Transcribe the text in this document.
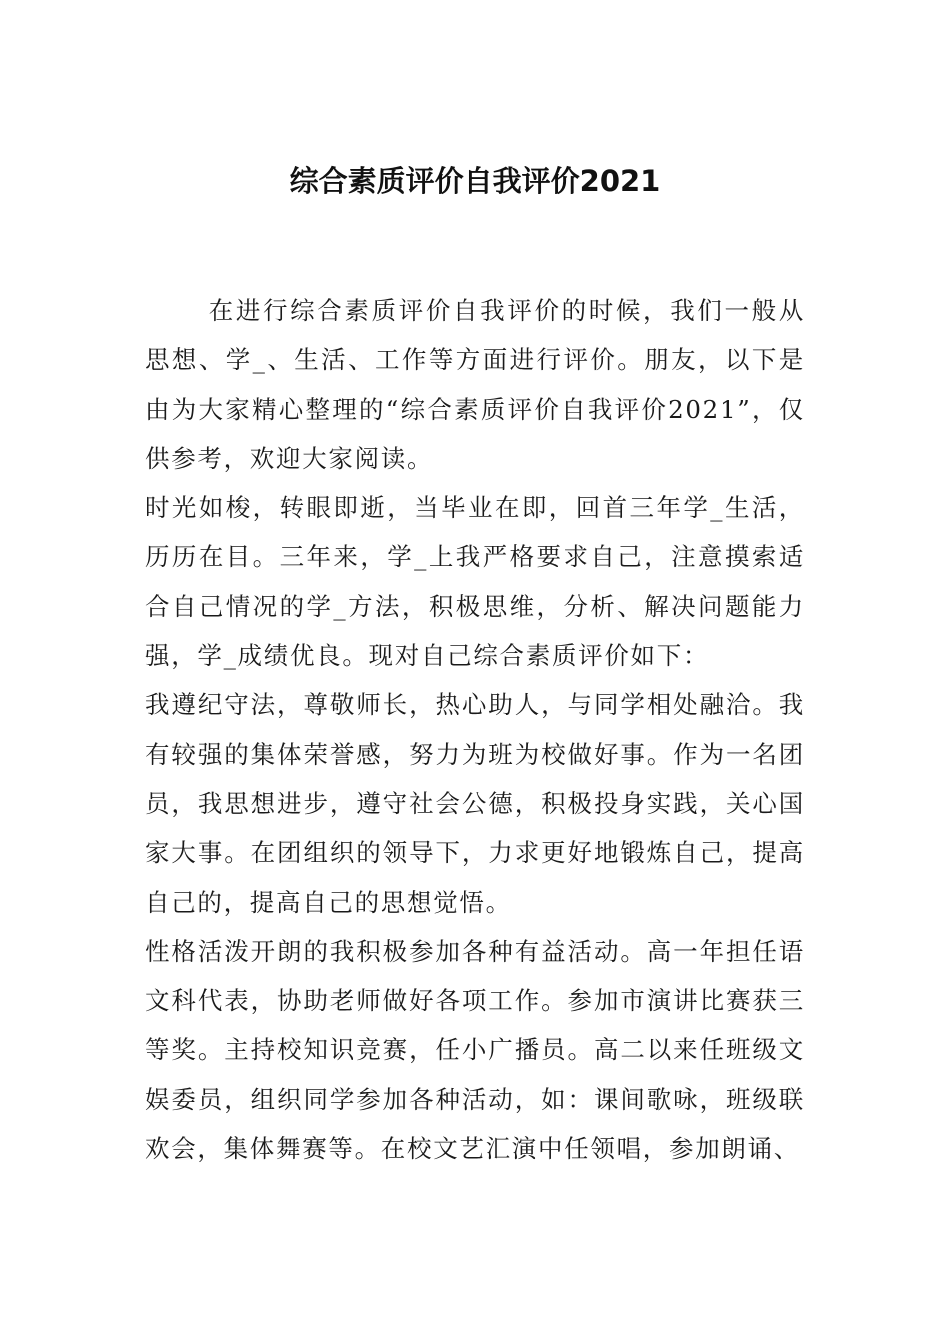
综合素质评价自我评价2021

在进行综合素质评价自我评价的时候，我们一般从思想、学_、生活、工作等方面进行评价。朋友，以下是由为大家精心整理的“综合素质评价自我评价2021”，仅供参考，欢迎大家阅读。

时光如梭，转眼即逝，当毕业在即，回首三年学_生活，历历在目。三年来，学_上我严格要求自己，注意摸索适合自己情况的学_方法，积极思维，分析、解决问题能力强，学_成绩优良。现对自己综合素质评价如下：

我遵纪守法，尊敬师长，热心助人，与同学相处融洽。我有较强的集体荣誉感，努力为班为校做好事。作为一名团员，我思想进步，遵守社会公德，积极投身实践，关心国家大事。在团组织的领导下，力求更好地锻炼自己，提高自己的，提高自己的思想觉悟。

性格活泼开朗的我积极参加各种有益活动。高一年担任语文科代表，协助老师做好各项工作。参加市演讲比赛获三等奖。主持校知识竞赛，任小广播员。高二以来任班级文娱委员，组织同学参加各种活动，如：课间歌咏，班级联欢会，集体舞赛等。在校文艺汇演中任领唱，参加朗诵、
